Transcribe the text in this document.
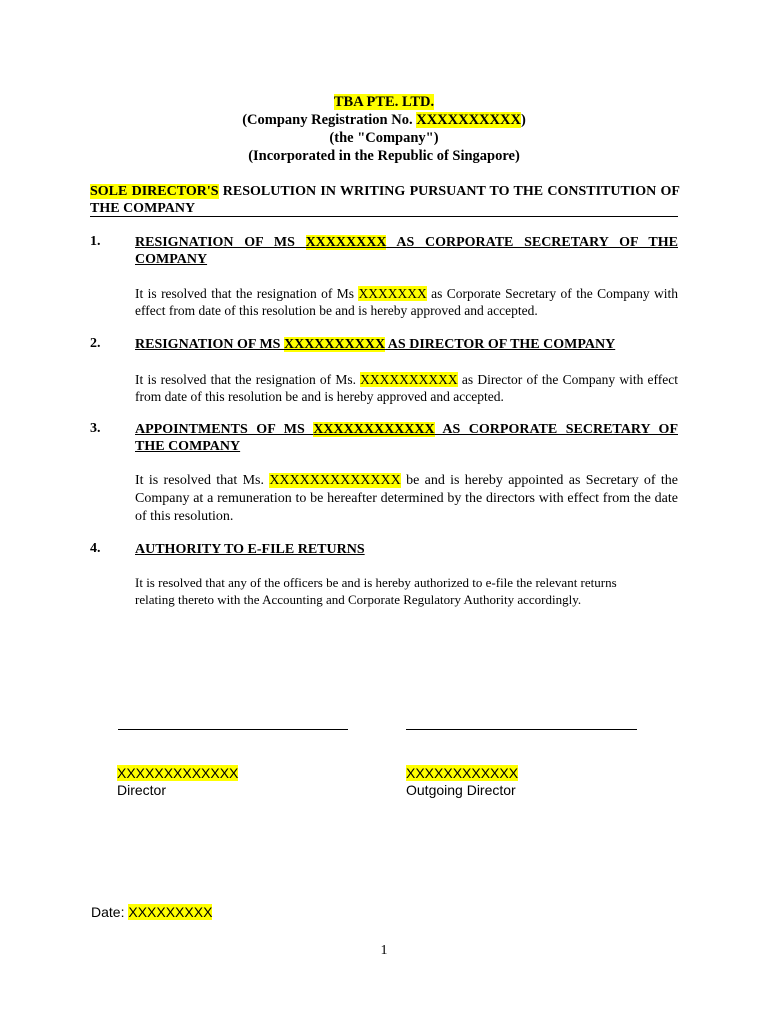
TBA PTE. LTD.
(Company Registration No. XXXXXXXXXX)
(the "Company")
(Incorporated in the Republic of Singapore)
SOLE DIRECTOR'S RESOLUTION IN WRITING PURSUANT TO THE CONSTITUTION OF
THE COMPANY
1. RESIGNATION OF MS XXXXXXXX AS CORPORATE SECRETARY OF THE
COMPANY
It is resolved that the resignation of Ms XXXXXXX as Corporate Secretary of the Company with effect from date of this resolution be and is hereby approved and accepted.
2. RESIGNATION OF MS XXXXXXXXXX AS DIRECTOR OF THE COMPANY
It is resolved that the resignation of Ms. XXXXXXXXXX as Director of the Company with effect from date of this resolution be and is hereby approved and accepted.
3. APPOINTMENTS OF MS XXXXXXXXXXXX AS CORPORATE SECRETARY OF
THE COMPANY
It is resolved that Ms. XXXXXXXXXXXXX be and is hereby appointed as Secretary of the Company at a remuneration to be hereafter determined by the directors with effect from the date of this resolution.
4. AUTHORITY TO E-FILE RETURNS
It is resolved that any of the officers be and is hereby authorized to e-file the relevant returns
relating thereto with the Accounting and Corporate Regulatory Authority accordingly.
XXXXXXXXXXXXX
Director
XXXXXXXXXXXX
Outgoing Director
Date: XXXXXXXXX
1
